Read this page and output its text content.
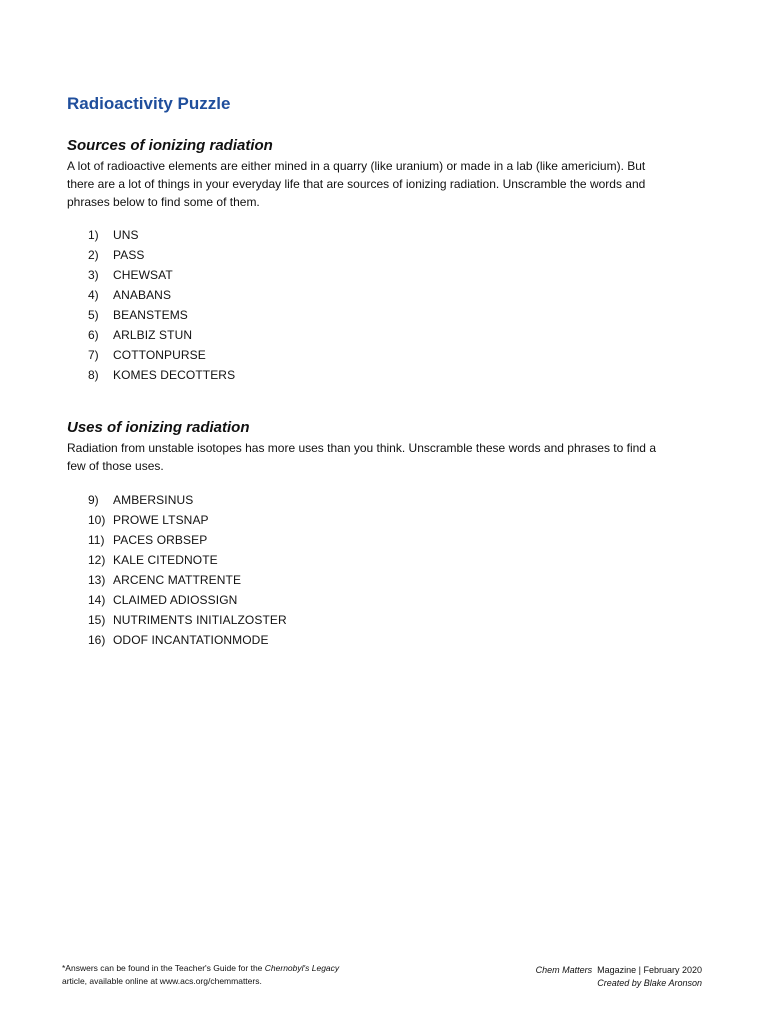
Radioactivity Puzzle
Sources of ionizing radiation
A lot of radioactive elements are either mined in a quarry (like uranium) or made in a lab (like americium). But
there are a lot of things in your everyday life that are sources of ionizing radiation. Unscramble the words and
phrases below to find some of them.
1)	UNS
2)	PASS
3)	CHEWSAT
4)	ANABANS
5)	BEANSTEMS
6)	ARLBIZ STUN
7)	COTTONPURSE
8)	KOMES DECOTTERS
Uses of ionizing radiation
Radiation from unstable isotopes has more uses than you think. Unscramble these words and phrases to find a
few of those uses.
9)	AMBERSINUS
10) PROWE LTSNAP
11) PACES ORBSEP
12) KALE CITEDNOTE
13) ARCENC MATTRENTE
14) CLAIMED ADIOSSIGN
15) NUTRIMENTS INITIALZOSTER
16) ODOF INCANTATIONMODE
*Answers can be found in the Teacher's Guide for the Chernobyl's Legacy
article, available online at www.acs.org/chemmatters.
Chem Matters  Magazine | February 2020
Created by Blake Aronson
